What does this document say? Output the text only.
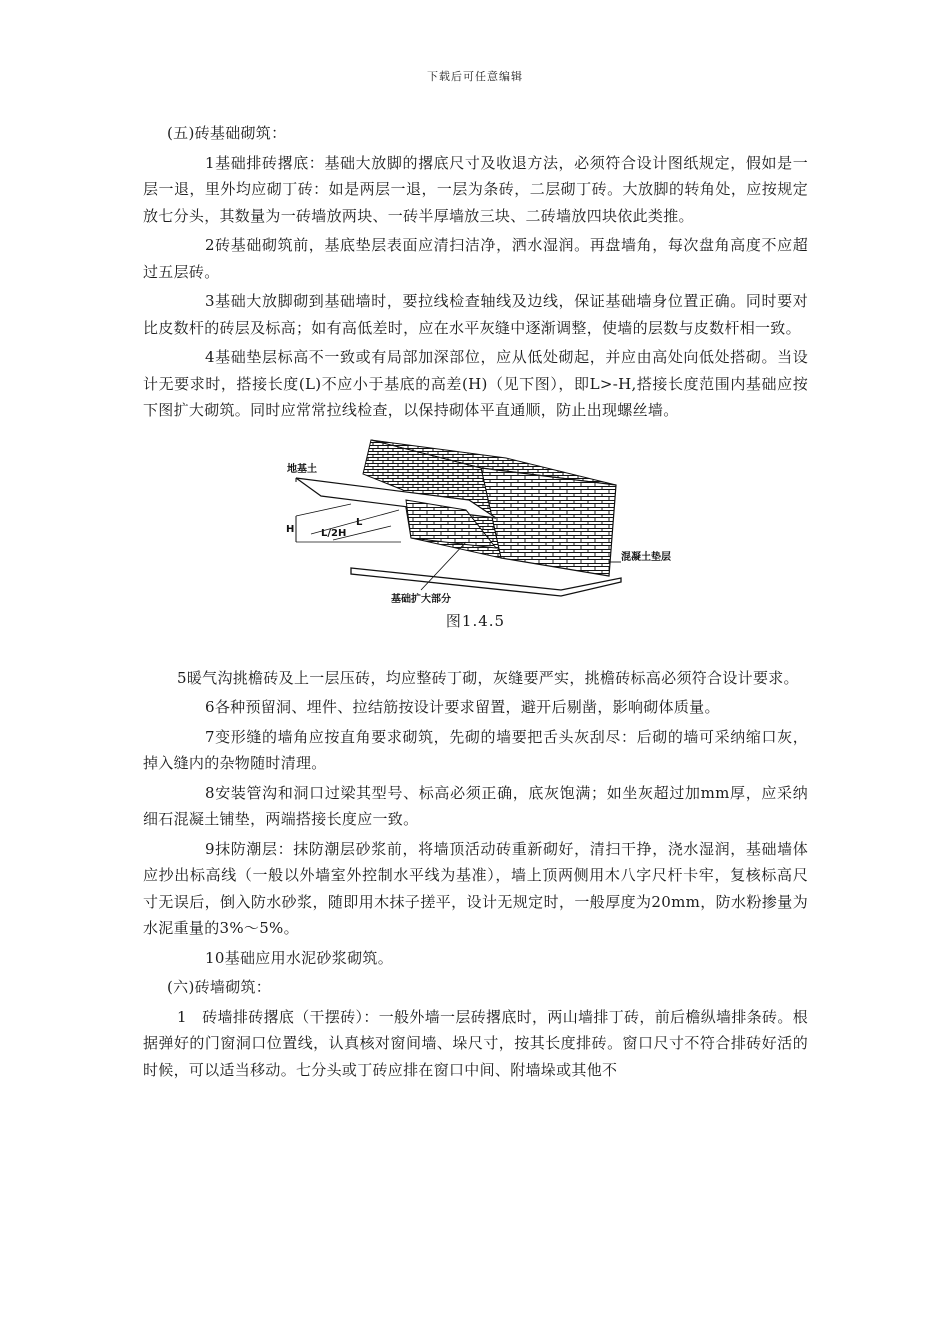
下载后可任意编辑

(五)砖基础砌筑：

1基础排砖撂底：基础大放脚的撂底尺寸及收退方法，必须符合设计图纸规定，假如是一层一退，里外均应砌丁砖：如是两层一退，一层为条砖，二层砌丁砖。大放脚的转角处，应按规定放七分头，其数量为一砖墙放两块、一砖半厚墙放三块、二砖墙放四块依此类推。

2砖基础砌筑前，基底垫层表面应清扫洁净，洒水湿润。再盘墙角，每次盘角高度不应超过五层砖。

3基础大放脚砌到基础墙时，要拉线检查轴线及边线，保证基础墙身位置正确。同时要对比皮数杆的砖层及标高；如有高低差时，应在水平灰缝中逐渐调整，使墙的层数与皮数杆相一致。

4基础垫层标高不一致或有局部加深部位，应从低处砌起，并应由高处向低处搭砌。当设计无要求时，搭接长度(L)不应小于基底的高差(H)（见下图），即L>-H,搭接长度范围内基础应按下图扩大砌筑。同时应常常拉线检查，以保持砌体平直通顺，防止出现螺丝墙。

地基土
H
L
L/2H
混凝土垫层
基础扩大部分
图1.4.5

5暖气沟挑檐砖及上一层压砖，均应整砖丁砌，灰缝要严实，挑檐砖标高必须符合设计要求。

6各种预留洞、埋件、拉结筋按设计要求留置，避开后剔凿，影响砌体质量。

7变形缝的墙角应按直角要求砌筑，先砌的墙要把舌头灰刮尽：后砌的墙可采纳缩口灰，掉入缝内的杂物随时清理。

8安装管沟和洞口过梁其型号、标高必须正确，底灰饱满；如坐灰超过加mm厚，应采纳细石混凝土铺垫，两端搭接长度应一致。

9抹防潮层：抹防潮层砂浆前，将墙顶活动砖重新砌好，清扫干挣，浇水湿润，基础墙体应抄出标高线（一般以外墙室外控制水平线为基准），墙上顶两侧用木八字尺杆卡牢，复核标高尺寸无误后，倒入防水砂浆，随即用木抹子搓平，设计无规定时，一般厚度为20mm，防水粉掺量为水泥重量的3%～5%。

10基础应用水泥砂浆砌筑。

(六)砖墙砌筑：

1　砖墙排砖撂底（干摆砖）：一般外墙一层砖撂底时，两山墙排丁砖，前后檐纵墙排条砖。根据弹好的门窗洞口位置线，认真核对窗间墙、垛尺寸，按其长度排砖。窗口尺寸不符合排砖好活的时候，可以适当移动。七分头或丁砖应排在窗口中间、附墙垛或其他不
